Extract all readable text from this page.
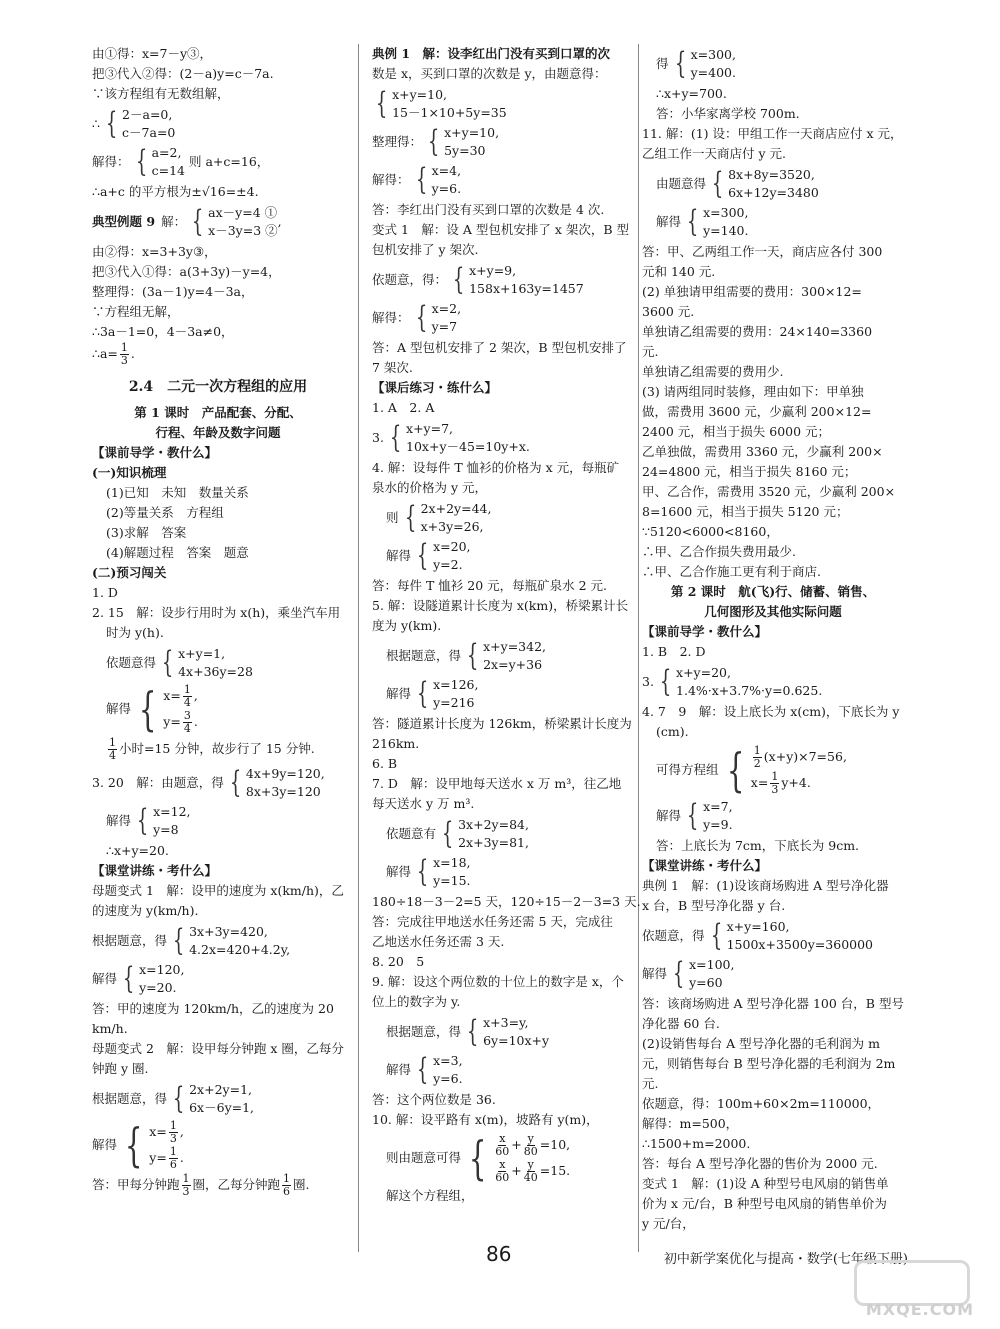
由①得：x=7－y③，
把③代入②得：(2－a)y=c－7a.
∵该方程组有无数组解，
∴ { 2－a=0,
c－7a=0
解得： { a=2,
c=14
则 a+c=16，
∴a+c 的平方根为±√16=±4.
典型例题 9 解： { ax－y=4 ①
x－3y=3 ②
,
由②得：x=3+3y③，
把③代入①得：a(3+3y)－y=4，
整理得：(3a－1)y=4－3a，
∵方程组无解，
∴3a－1=0，4－3a≠0，
∴a= $\frac{1}{3}$ .
2.4　二元一次方程组的应用
第 1 课时　产品配套、分配、
行程、年龄及数字问题
【课前导学・教什么】
(一)知识梳理
(1)已知　未知　数量关系
(2)等量关系　方程组
(3)求解　答案
(4)解题过程　答案　题意
(二)预习闯关
1. D
2. 15　解：设步行用时为 x(h)，乘坐汽车用
时为 y(h).
依题意得 { x+y=1,
4x+36y=28
解得 { $x= \frac{1}{4}$ ,
$y= \frac{3}{4}$ .
$\frac{1}{4}$ 小时=15 分钟，故步行了 15 分钟.
3. 20　解：由题意，得 { 4x+9y=120,
8x+3y=120
解得 { x=12,
y=8
∴x+y=20.
【课堂讲练・考什么】
母题变式 1　解：设甲的速度为 x(km/h)，乙
的速度为 y(km/h).
根据题意，得 { 3x+3y=420,
4.2x=420+4.2y,
解得 { x=120,
y=20.
答：甲的速度为 120km/h，乙的速度为 20
km/h.
母题变式 2　解：设甲每分钟跑 x 圈，乙每分
钟跑 y 圈.
根据题意，得 { 2x+2y=1,
6x－6y=1,
解得 { $x= \frac{1}{3}$ ,
$y= \frac{1}{6}$ .
答：甲每分钟跑 $\frac{1}{3}$ 圈，乙每分钟跑 $\frac{1}{6}$ 圈.
典例 1　解：设李红出门没有买到口罩的次
数是 x，买到口罩的次数是 y，由题意得：
{ x+y=10,
15－1×10+5y=35
整理得： { x+y=10,
5y=30
解得： { x=4,
y=6.
答：李红出门没有买到口罩的次数是 4 次.
变式 1　解：设 A 型包机安排了 x 架次，B 型
包机安排了 y 架次.
依题意，得： { x+y=9,
158x+163y=1457
解得： { x=2,
y=7
答：A 型包机安排了 2 架次，B 型包机安排了
7 架次.
【课后练习・练什么】
1. A　2. A
3. { x+y=7,
10x+y－45=10y+x.
4. 解：设每件 T 恤衫的价格为 x 元，每瓶矿
泉水的价格为 y 元，
则 { 2x+2y=44,
x+3y=26,
解得 { x=20,
y=2.
答：每件 T 恤衫 20 元，每瓶矿泉水 2 元.
5. 解：设隧道累计长度为 x(km)，桥梁累计长
度为 y(km).
根据题意，得 { x+y=342,
2x=y+36
解得 { x=126,
y=216
答：隧道累计长度为 126km，桥梁累计长度为
216km.
6. B
7. D　解：设甲地每天送水 x 万 m³，往乙地
每天送水 y 万 m³.
依题意有 { 3x+2y=84,
2x+3y=81,
解得 { x=18,
y=15.
180÷18－3－2=5 天，120÷15－2－3=3 天.
答：完成往甲地送水任务还需 5 天，完成往
乙地送水任务还需 3 天.
8. 20　5
9. 解：设这个两位数的十位上的数字是 x，个
位上的数字为 y.
根据题意，得 { x+3=y,
6y=10x+y
解得 { x=3,
y=6.
答：这个两位数是 36.
10. 解：设平路有 x(m)，坡路有 y(m)，
则由题意可得 { $\frac{x}{60} + \frac{y}{80} =10$,
$\frac{x}{60} + \frac{y}{40} =15$.
解这个方程组，
得 { x=300,
y=400.
∴x+y=700.
答：小华家离学校 700m.
11. 解：(1) 设：甲组工作一天商店应付 x 元，
乙组工作一天商店付 y 元.
由题意得 { 8x+8y=3520,
6x+12y=3480
解得 { x=300,
y=140.
答：甲、乙两组工作一天，商店应各付 300
元和 140 元.
(2) 单独请甲组需要的费用：300×12=
3600 元.
单独请乙组需要的费用：24×140=3360
元.
单独请乙组需要的费用少.
(3) 请两组同时装修，理由如下：甲单独
做，需费用 3600 元，少赢利 200×12=
2400 元，相当于损失 6000 元；
乙单独做，需费用 3360 元，少赢利 200×
24=4800 元，相当于损失 8160 元；
甲、乙合作，需费用 3520 元，少赢利 200×
8=1600 元，相当于损失 5120 元；
∵5120<6000<8160，
∴甲、乙合作损失费用最少.
∴甲、乙合作施工更有利于商店.
第 2 课时　航(飞)行、储蓄、销售、
几何图形及其他实际问题
【课前导学・教什么】
1. B　2. D
3. { x+y=20,
1.4%·x+3.7%·y=0.625.
4. 7　9　解：设上底长为 x(cm)，下底长为 y
(cm).
可得方程组 { $\frac{1}{2} (x+y)\times 7=56$,
$x= \frac{1}{3} y+4$.
解得 { x=7,
y=9.
答：上底长为 7cm，下底长为 9cm.
【课堂讲练・考什么】
典例 1　解：(1)设该商场购进 A 型号净化器
x 台，B 型号净化器 y 台.
依题意，得 { x+y=160,
1500x+3500y=360000
解得 { x=100,
y=60
答：该商场购进 A 型号净化器 100 台，B 型号
净化器 60 台.
(2)设销售每台 A 型号净化器的毛利润为 m
元，则销售每台 B 型号净化器的毛利润为 2m
元.
依题意，得：100m+60×2m=110000，
解得：m=500，
∴1500+m=2000.
答：每台 A 型号净化器的售价为 2000 元.
变式 1　解：(1)设 A 种型号电风扇的销售单
价为 x 元/台，B 种型号电风扇的销售单价为
y 元/台，
86	初中新学案优化与提高・数学(七年级下册)
MXQE.COM
